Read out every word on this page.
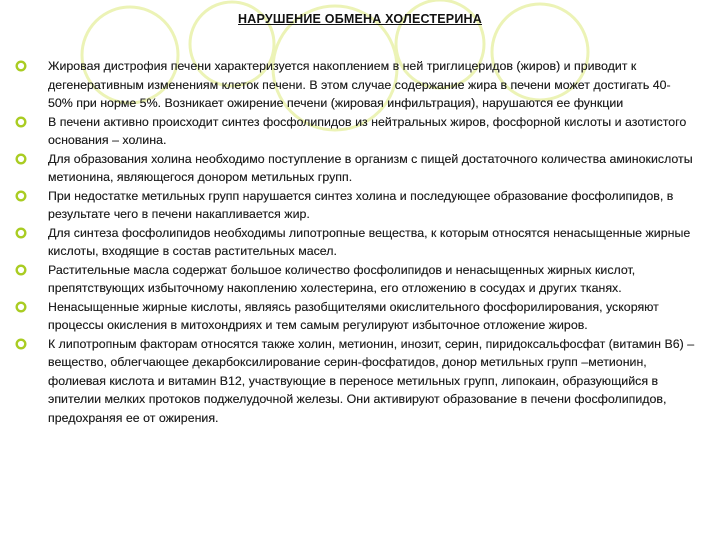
НАРУШЕНИЕ ОБМЕНА ХОЛЕСТЕРИНА
Жировая дистрофия печени характеризуется накоплением в ней триглицеридов (жиров) и приводит к дегенеративным изменениям клеток печени. В этом случае содержание жира в печени может достигать 40-50% при норме 5%. Возникает ожирение печени (жировая инфильтрация), нарушаются ее функции
В печени активно происходит синтез фосфолипидов из нейтральных жиров, фосфорной кислоты и азотистого основания – холина.
Для образования холина необходимо поступление в организм с пищей достаточного количества аминокислоты метионина, являющегося донором метильных групп.
При недостатке метильных групп нарушается синтез холина и последующее образование фосфолипидов, в результате чего в печени накапливается жир.
Для синтеза фосфолипидов необходимы липотропные вещества, к которым относятся ненасыщенные жирные кислоты, входящие в состав растительных масел.
Растительные масла содержат большое количество фосфолипидов и ненасыщенных жирных кислот, препятствующих избыточному накоплению холестерина, его отложению в сосудах и других тканях.
Ненасыщенные жирные кислоты, являясь разобщителями окислительного фосфорилирования, ускоряют процессы окисления в митохондриях и тем самым регулируют избыточное отложение жиров.
К липотропным факторам относятся также холин, метионин, инозит, серин, пиридоксальфосфат (витамин В6) – вещество, облегчающее декарбоксилирование серин-фосфатидов, донор метильных групп –метионин, фолиевая кислота и витамин В12, участвующие в переносе метильных групп, липокаин, образующийся в эпителии мелких протоков поджелудочной железы. Они активируют образование в печени фосфолипидов, предохраняя ее от ожирения.
